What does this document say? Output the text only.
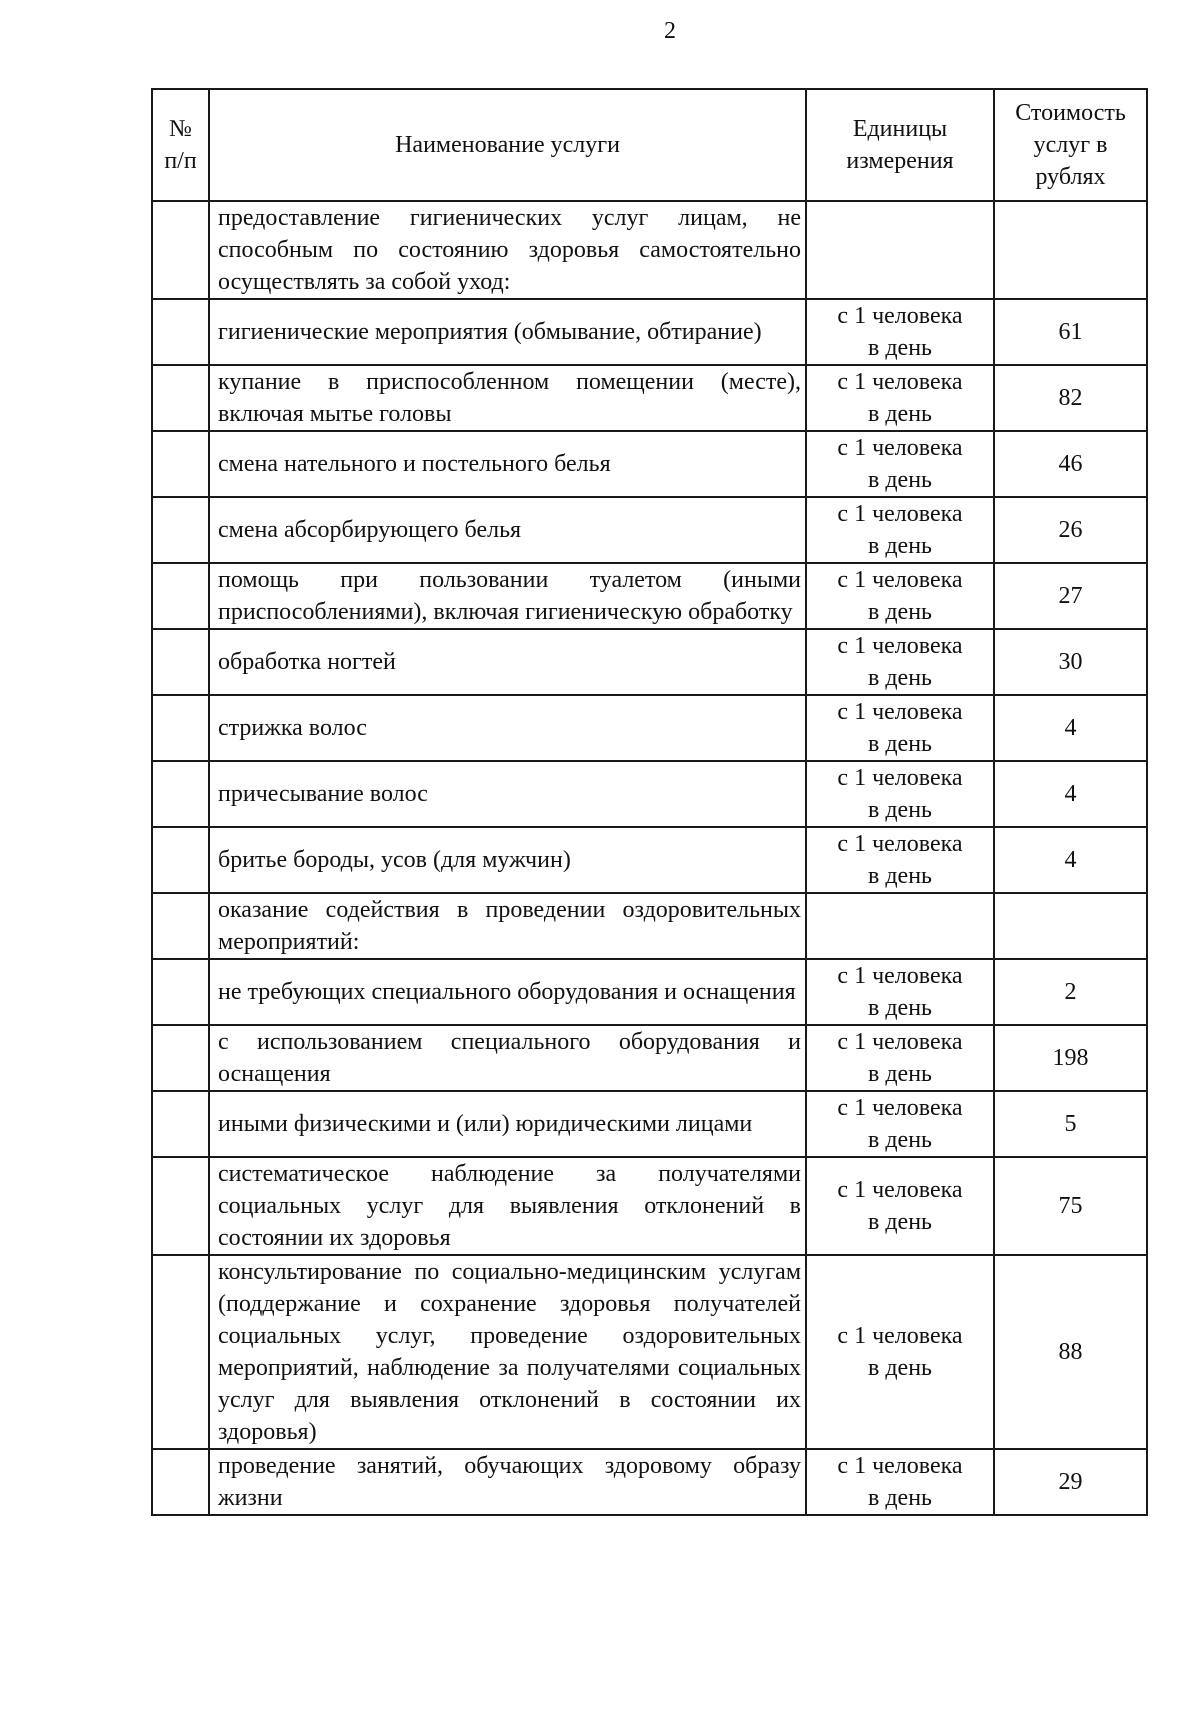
2
№ п/п	Наименование услуги	Единицы измерения	Стоимость услуг в рублях
	предоставление гигиенических услуг лицам, не способным по состоянию здоровья самостоятельно осуществлять за собой уход:	

	гигиенические мероприятия (обмывание, обтирание)	с 1 человека
в день	61
	купание в приспособленном помещении (месте), включая мытье головы	с 1 человека
в день	82
	смена нательного и постельного белья	с 1 человека
в день	46
	смена абсорбирующего белья	с 1 человека
в день	26
	помощь при пользовании туалетом (иными приспособлениями), включая гигиеническую обработку	с 1 человека
в день	27
	обработка ногтей	с 1 человека
в день	30
	стрижка волос	с 1 человека
в день	4
	причесывание волос	с 1 человека
в день	4
	бритье бороды, усов (для мужчин)	с 1 человека
в день	4
	оказание содействия в проведении оздоровительных мероприятий:	

	не требующих специального оборудования и оснащения	с 1 человека
в день	2
	с использованием специального оборудования и оснащения	с 1 человека
в день	198
	иными физическими и (или) юридическими лицами	с 1 человека
в день	5
	систематическое наблюдение за получателями социальных услуг для выявления отклонений в состоянии их здоровья	с 1 человека
в день	75
	консультирование по социально-медицинским услугам (поддержание и сохранение здоровья получателей социальных услуг, проведение оздоровительных мероприятий, наблюдение за получателями социальных услуг для выявления отклонений в состоянии их здоровья)	с 1 человека
в день	88
	проведение занятий, обучающих здоровому образу жизни	с 1 человека
в день	29
